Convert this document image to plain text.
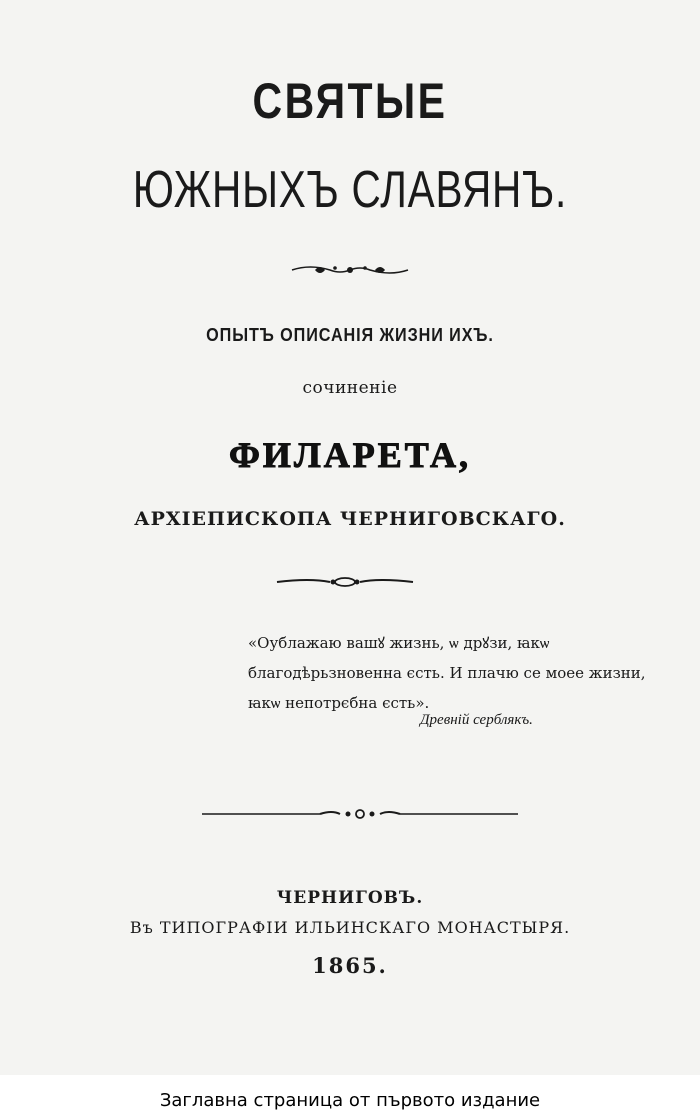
СВЯТЫЕ
ЮЖНЫХЪ СЛАВЯНЪ.
ОПЫТЪ ОПИСАНІЯ ЖИЗНИ ИХЪ.
сочиненіе
ФИЛАРЕТА,
АРХІЕПИСКОПА ЧЕРНИГОВСКАГО.
«Оублажаю вашꙋ жизнь, ѡ дрꙋзи, ꙗкѡ
благодѣрьзновенна єсть. И плачю се моее жизни,
ꙗкѡ непотрєбна єсть».
Древній серблякъ.
ЧЕРНИГОВЪ.
Въ ТИПОГРАФІИ ИЛЬИНСКАГО МОНАСТЫРЯ.
1865.
Заглавна страница от първото издание
